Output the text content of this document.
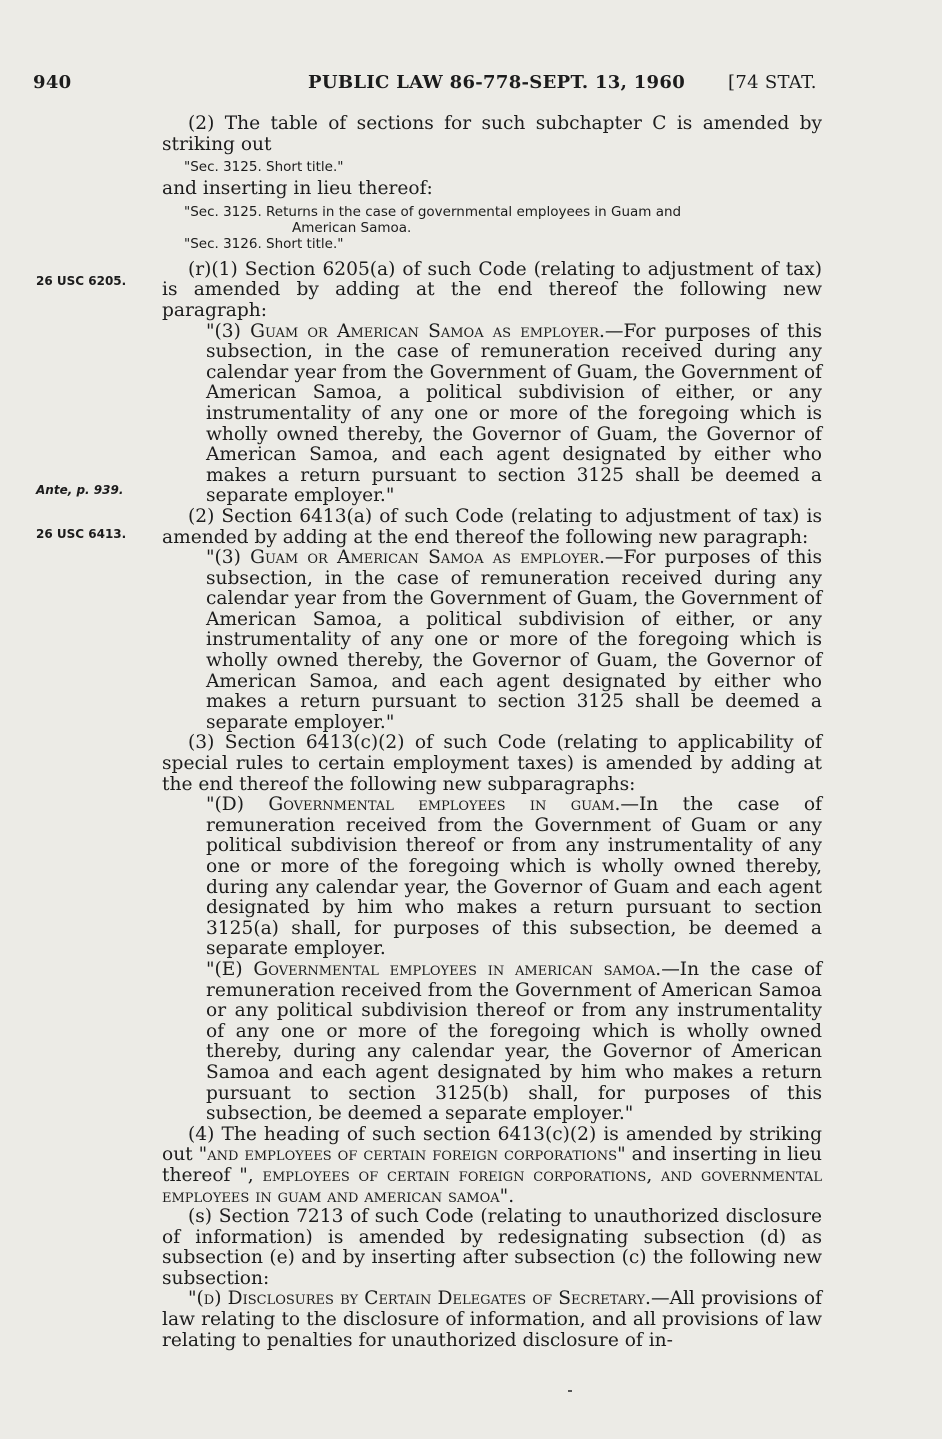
940	PUBLIC LAW 86-778-SEPT. 13, 1960 [74 STAT.
26 USC 6205.
Ante, p. 939.
26 USC 6413.

(2) The table of sections for such subchapter C is amended by striking out

"Sec. 3125. Short title."

and inserting in lieu thereof:

"Sec. 3125. Returns in the case of governmental employees in Guam and

American Samoa.

"Sec. 3126. Short title."

(r)(1) Section 6205(a) of such Code (relating to adjustment of tax) is amended by adding at the end thereof the following new paragraph:

"(3) Guam or American Samoa as employer.—For purposes of this subsection, in the case of remuneration received during any calendar year from the Government of Guam, the Government of American Samoa, a political subdivision of either, or any instrumentality of any one or more of the foregoing which is wholly owned thereby, the Governor of Guam, the Governor of American Samoa, and each agent designated by either who makes a return pursuant to section 3125 shall be deemed a separate employer."

(2) Section 6413(a) of such Code (relating to adjustment of tax) is amended by adding at the end thereof the following new paragraph:

"(3) Guam or American Samoa as employer.—For purposes of this subsection, in the case of remuneration received during any calendar year from the Government of Guam, the Government of American Samoa, a political subdivision of either, or any instrumentality of any one or more of the foregoing which is wholly owned thereby, the Governor of Guam, the Governor of American Samoa, and each agent designated by either who makes a return pursuant to section 3125 shall be deemed a separate employer."

(3) Section 6413(c)(2) of such Code (relating to applicability of special rules to certain employment taxes) is amended by adding at the end thereof the following new subparagraphs:

"(D) Governmental employees in guam.—In the case of remuneration received from the Government of Guam or any political subdivision thereof or from any instrumentality of any one or more of the foregoing which is wholly owned thereby, during any calendar year, the Governor of Guam and each agent designated by him who makes a return pursuant to section 3125(a) shall, for purposes of this subsection, be deemed a separate employer.

"(E) Governmental employees in american samoa.—In the case of remuneration received from the Government of American Samoa or any political subdivision thereof or from any instrumentality of any one or more of the foregoing which is wholly owned thereby, during any calendar year, the Governor of American Samoa and each agent designated by him who makes a return pursuant to section 3125(b) shall, for purposes of this subsection, be deemed a separate employer."

(4) The heading of such section 6413(c)(2) is amended by striking out "and employees of certain foreign corporations" and inserting in lieu thereof ", employees of certain foreign corporations, and governmental employees in guam and american samoa".

(s) Section 7213 of such Code (relating to unauthorized disclosure of information) is amended by redesignating subsection (d) as subsection (e) and by inserting after subsection (c) the following new subsection:

"(d) Disclosures by Certain Delegates of Secretary.—All provisions of law relating to the disclosure of information, and all provisions of law relating to penalties for unauthorized disclosure of in-
